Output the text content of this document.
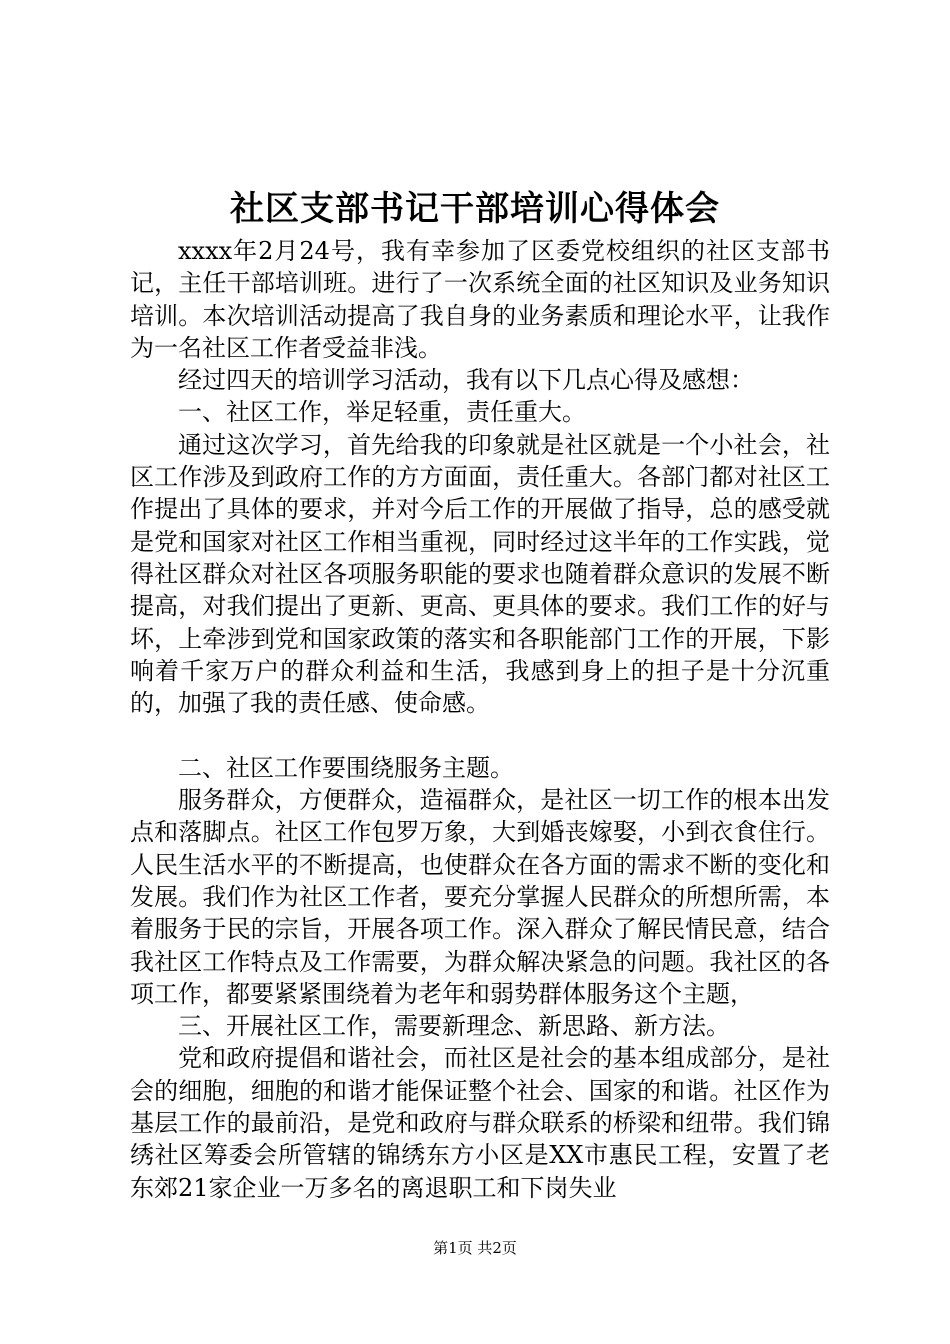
社区支部书记干部培训心得体会

xxxx年2月24号，我有幸参加了区委党校组织的社区支部书记，主任干部培训班。进行了一次系统全面的社区知识及业务知识培训。本次培训活动提高了我自身的业务素质和理论水平，让我作为一名社区工作者受益非浅。

经过四天的培训学习活动，我有以下几点心得及感想：

一、社区工作，举足轻重，责任重大。

通过这次学习，首先给我的印象就是社区就是一个小社会，社区工作涉及到政府工作的方方面面，责任重大。各部门都对社区工作提出了具体的要求，并对今后工作的开展做了指导，总的感受就是党和国家对社区工作相当重视，同时经过这半年的工作实践，觉得社区群众对社区各项服务职能的要求也随着群众意识的发展不断提高，对我们提出了更新、更高、更具体的要求。我们工作的好与坏，上牵涉到党和国家政策的落实和各职能部门工作的开展，下影响着千家万户的群众利益和生活，我感到身上的担子是十分沉重的，加强了我的责任感、使命感。

二、社区工作要围绕服务主题。

服务群众，方便群众，造福群众，是社区一切工作的根本出发点和落脚点。社区工作包罗万象，大到婚丧嫁娶，小到衣食住行。人民生活水平的不断提高，也使群众在各方面的需求不断的变化和发展。我们作为社区工作者，要充分掌握人民群众的所想所需，本着服务于民的宗旨，开展各项工作。深入群众了解民情民意，结合我社区工作特点及工作需要，为群众解决紧急的问题。我社区的各项工作，都要紧紧围绕着为老年和弱势群体服务这个主题，

三、开展社区工作，需要新理念、新思路、新方法。

党和政府提倡和谐社会，而社区是社会的基本组成部分，是社会的细胞，细胞的和谐才能保证整个社会、国家的和谐。社区作为基层工作的最前沿，是党和政府与群众联系的桥梁和纽带。我们锦绣社区筹委会所管辖的锦绣东方小区是XX市惠民工程，安置了老东郊21家企业一万多名的离退职工和下岗失业

第1页 共2页
